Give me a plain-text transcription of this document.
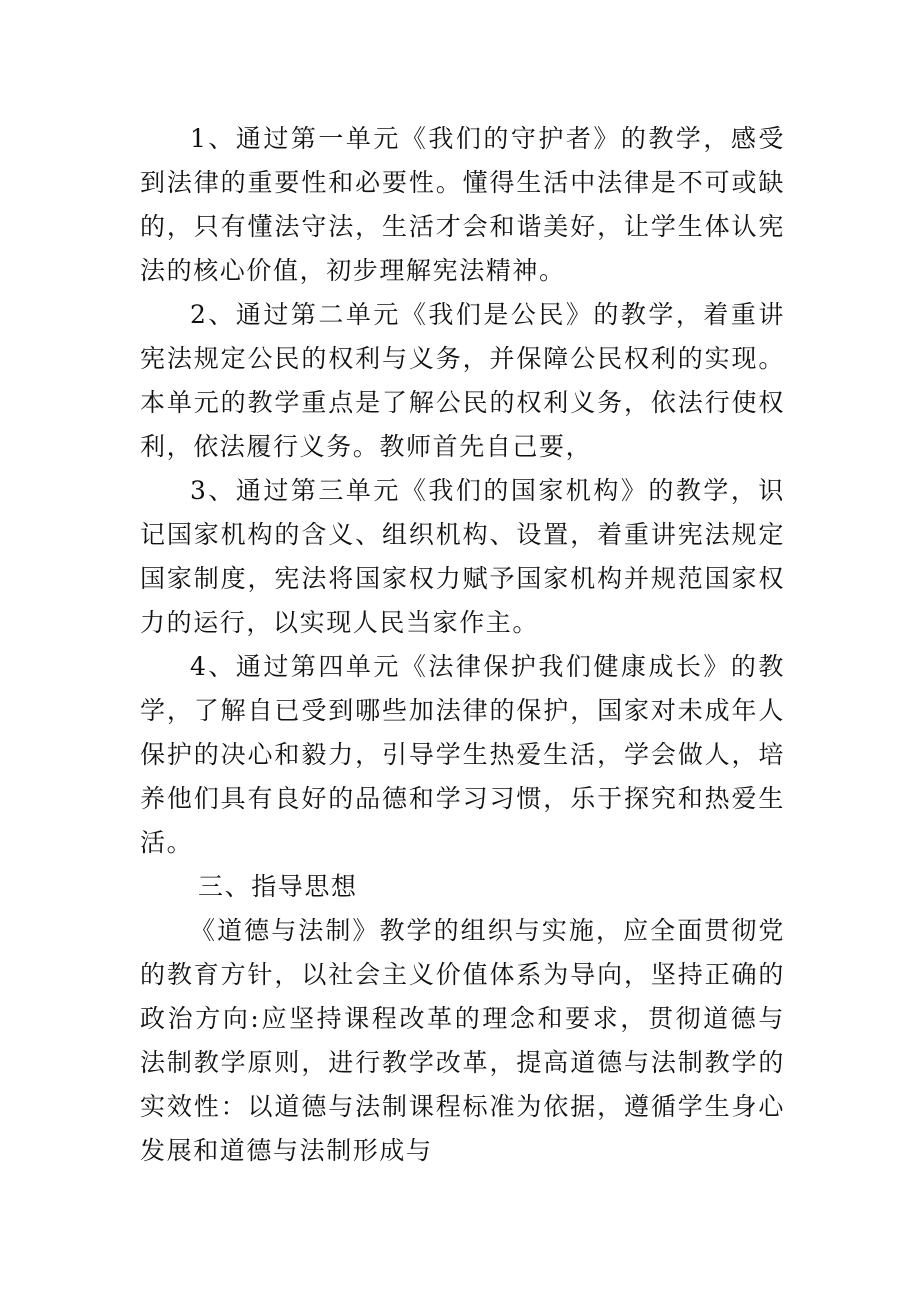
1、通过第一单元《我们的守护者》的教学，感受到法律的重要性和必要性。懂得生活中法律是不可或缺的，只有懂法守法，生活才会和谐美好，让学生体认宪法的核心价值，初步理解宪法精神。

2、通过第二单元《我们是公民》的教学，着重讲宪法规定公民的权利与义务，并保障公民权利的实现。本单元的教学重点是了解公民的权利义务，依法行使权利，依法履行义务。教师首先自己要，

3、通过第三单元《我们的国家机构》的教学，识记国家机构的含义、组织机构、设置，着重讲宪法规定国家制度，宪法将国家权力赋予国家机构并规范国家权力的运行，以实现人民当家作主。

4、通过第四单元《法律保护我们健康成长》的教学，了解自已受到哪些加法律的保护，国家对未成年人保护的决心和毅力，引导学生热爱生活，学会做人，培养他们具有良好的品德和学习习惯，乐于探究和热爱生活。

三、指导思想

《道德与法制》教学的组织与实施，应全面贯彻党的教育方针，以社会主义价值体系为导向，坚持正确的政治方向:应坚持课程改革的理念和要求，贯彻道德与法制教学原则，进行教学改革，提高道德与法制教学的实效性：以道德与法制课程标准为依据，遵循学生身心发展和道德与法制形成与
